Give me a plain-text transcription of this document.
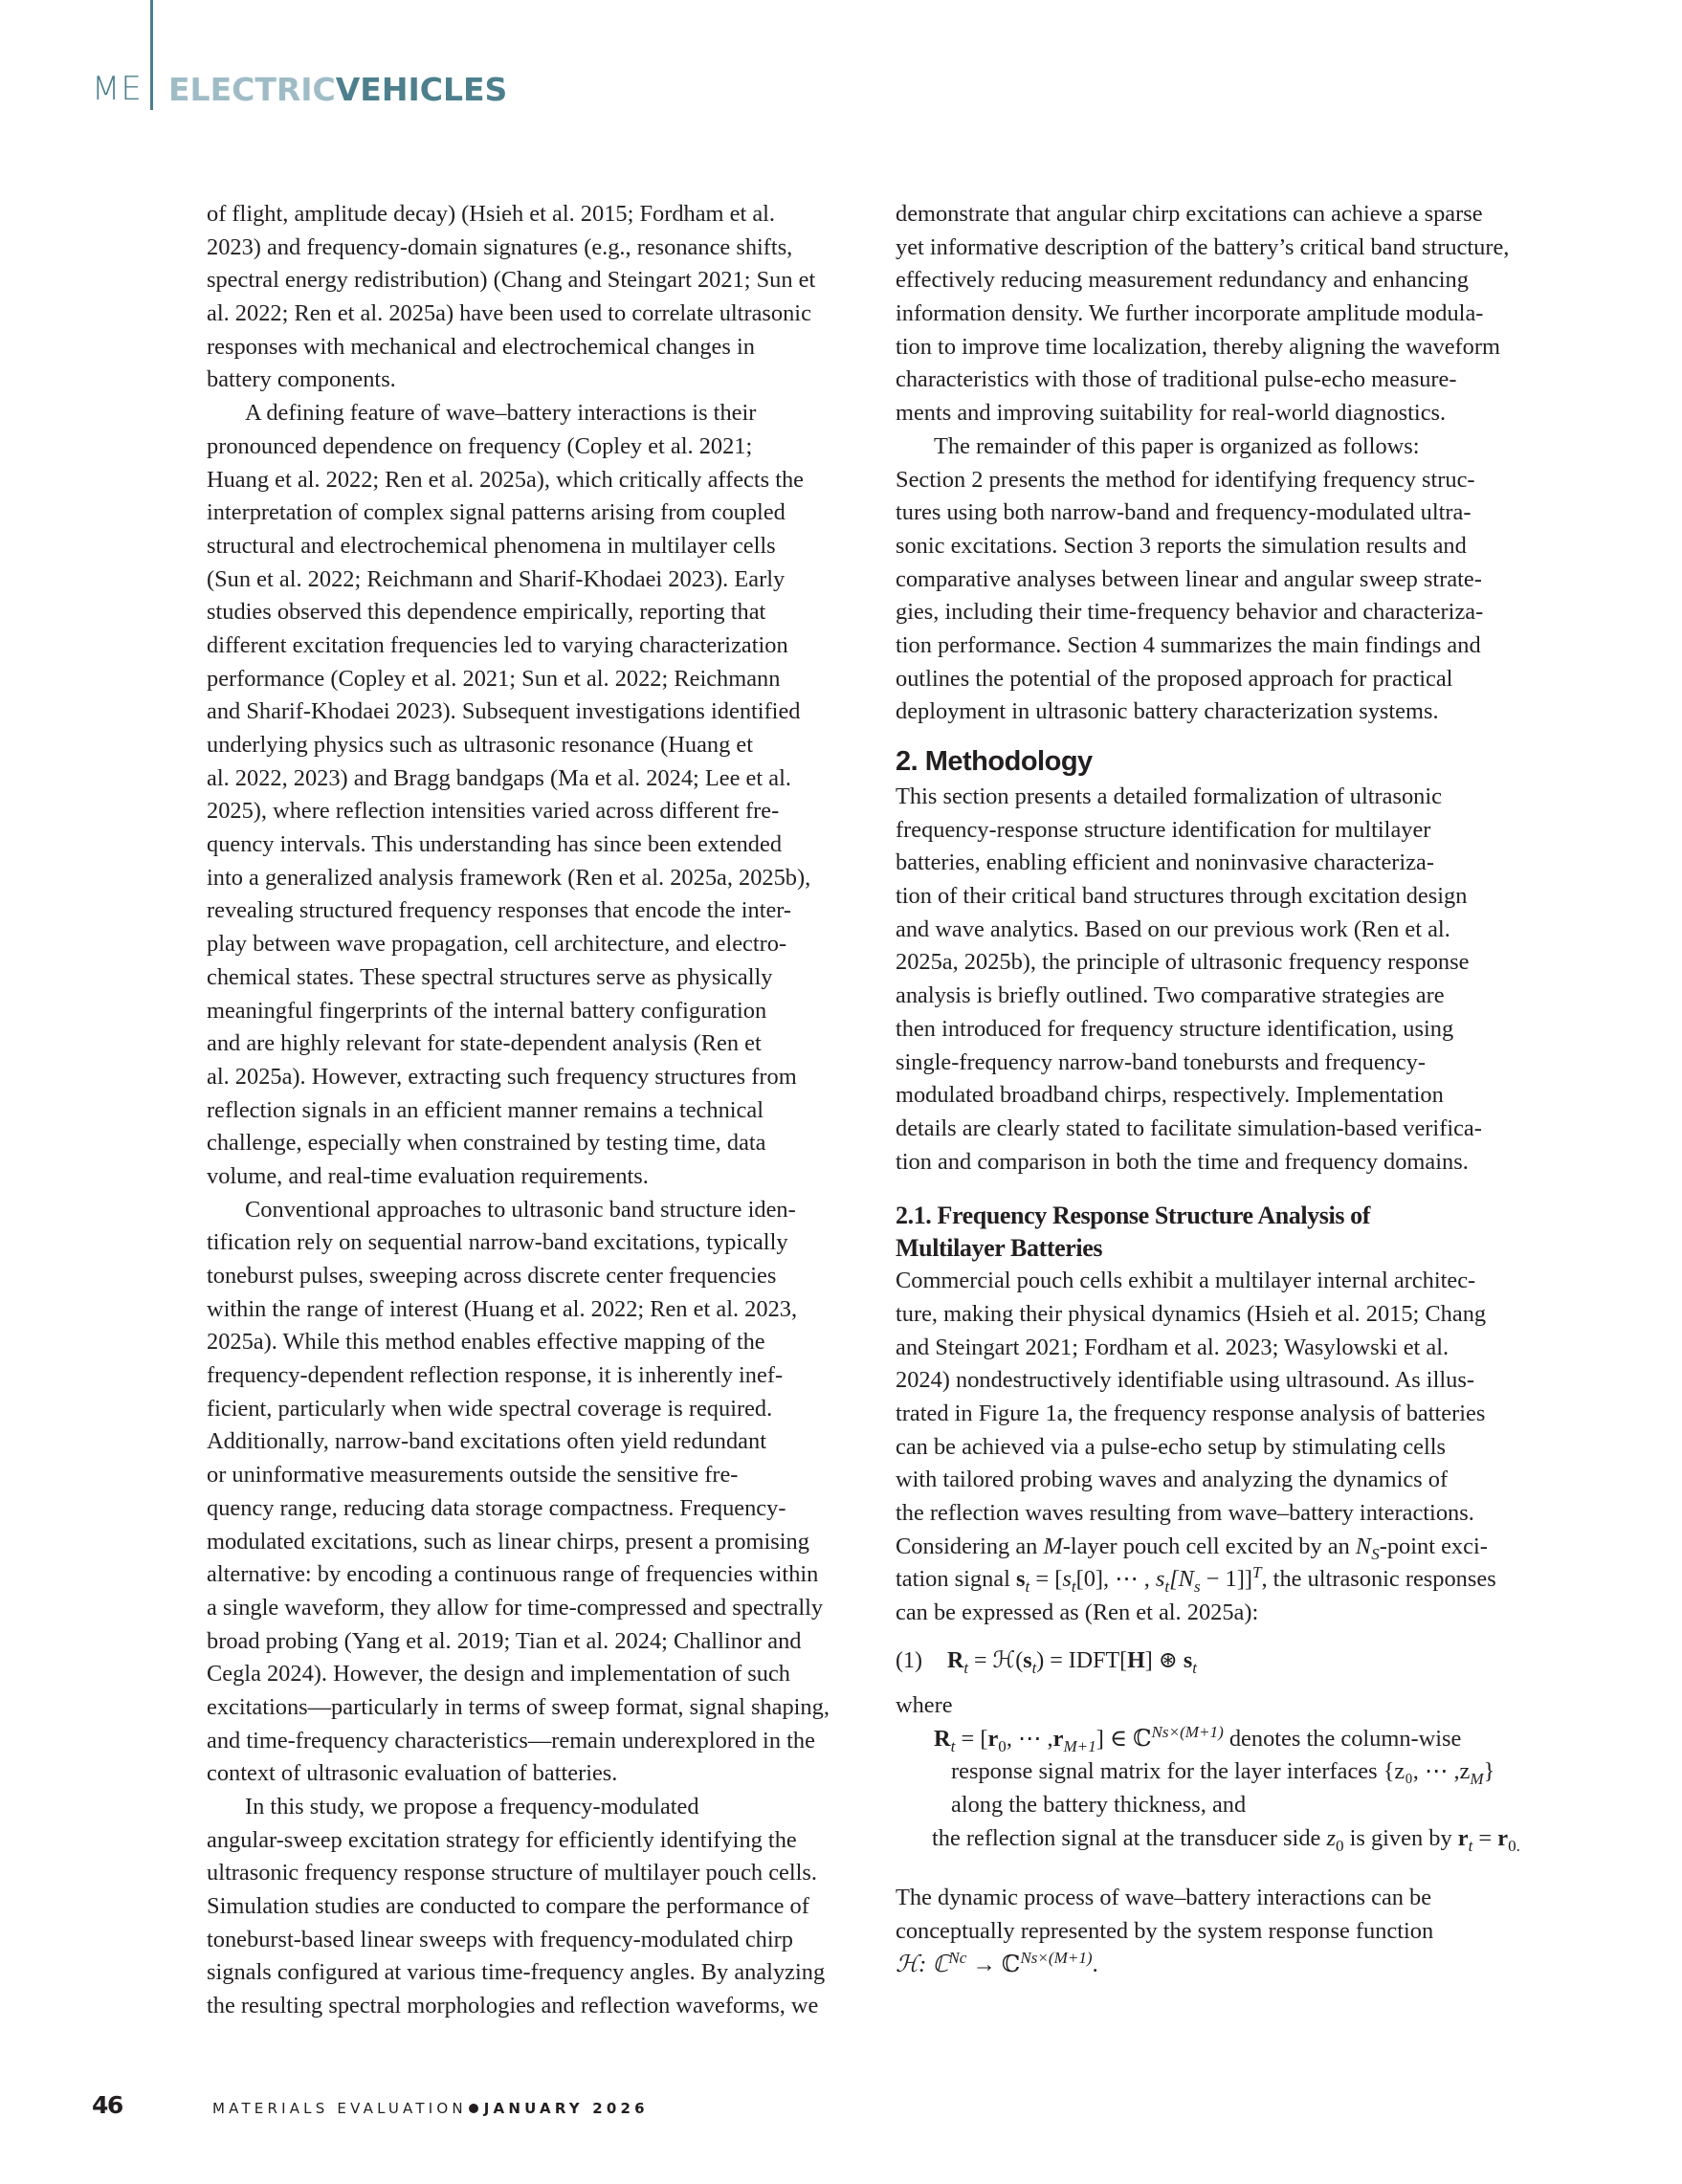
ME ELECTRICVEHICLES
of flight, amplitude decay) (Hsieh et al. 2015; Fordham et al.
2023) and frequency-domain signatures (e.g., resonance shifts,
spectral energy redistribution) (Chang and Steingart 2021; Sun et
al. 2022; Ren et al. 2025a) have been used to correlate ultrasonic
responses with mechanical and electrochemical changes in
battery components.
A defining feature of wave–battery interactions is their
pronounced dependence on frequency (Copley et al. 2021;
Huang et al. 2022; Ren et al. 2025a), which critically affects the
interpretation of complex signal patterns arising from coupled
structural and electrochemical phenomena in multilayer cells
(Sun et al. 2022; Reichmann and Sharif-Khodaei 2023). Early
studies observed this dependence empirically, reporting that
different excitation frequencies led to varying characterization
performance (Copley et al. 2021; Sun et al. 2022; Reichmann
and Sharif-Khodaei 2023). Subsequent investigations identified
underlying physics such as ultrasonic resonance (Huang et
al. 2022, 2023) and Bragg bandgaps (Ma et al. 2024; Lee et al.
2025), where reflection intensities varied across different fre-
quency intervals. This understanding has since been extended
into a generalized analysis framework (Ren et al. 2025a, 2025b),
revealing structured frequency responses that encode the inter-
play between wave propagation, cell architecture, and electro-
chemical states. These spectral structures serve as physically
meaningful fingerprints of the internal battery configuration
and are highly relevant for state-dependent analysis (Ren et
al. 2025a). However, extracting such frequency structures from
reflection signals in an efficient manner remains a technical
challenge, especially when constrained by testing time, data
volume, and real-time evaluation requirements.
Conventional approaches to ultrasonic band structure iden-
tification rely on sequential narrow-band excitations, typically
toneburst pulses, sweeping across discrete center frequencies
within the range of interest (Huang et al. 2022; Ren et al. 2023,
2025a). While this method enables effective mapping of the
frequency-dependent reflection response, it is inherently inef-
ficient, particularly when wide spectral coverage is required.
Additionally, narrow-band excitations often yield redundant
or uninformative measurements outside the sensitive fre-
quency range, reducing data storage compactness. Frequency-
modulated excitations, such as linear chirps, present a promising
alternative: by encoding a continuous range of frequencies within
a single waveform, they allow for time-compressed and spectrally
broad probing (Yang et al. 2019; Tian et al. 2024; Challinor and
Cegla 2024). However, the design and implementation of such
excitations—particularly in terms of sweep format, signal shaping,
and time-frequency characteristics—remain underexplored in the
context of ultrasonic evaluation of batteries.
In this study, we propose a frequency-modulated
angular-sweep excitation strategy for efficiently identifying the
ultrasonic frequency response structure of multilayer pouch cells.
Simulation studies are conducted to compare the performance of
toneburst-based linear sweeps with frequency-modulated chirp
signals configured at various time-frequency angles. By analyzing
the resulting spectral morphologies and reflection waveforms, we
demonstrate that angular chirp excitations can achieve a sparse
yet informative description of the battery’s critical band structure,
effectively reducing measurement redundancy and enhancing
information density. We further incorporate amplitude modula-
tion to improve time localization, thereby aligning the waveform
characteristics with those of traditional pulse-echo measure-
ments and improving suitability for real-world diagnostics.
The remainder of this paper is organized as follows:
Section 2 presents the method for identifying frequency struc-
tures using both narrow-band and frequency-modulated ultra-
sonic excitations. Section 3 reports the simulation results and
comparative analyses between linear and angular sweep strate-
gies, including their time-frequency behavior and characteriza-
tion performance. Section 4 summarizes the main findings and
outlines the potential of the proposed approach for practical
deployment in ultrasonic battery characterization systems.
2. Methodology
This section presents a detailed formalization of ultrasonic
frequency-response structure identification for multilayer
batteries, enabling efficient and noninvasive characteriza-
tion of their critical band structures through excitation design
and wave analytics. Based on our previous work (Ren et al.
2025a, 2025b), the principle of ultrasonic frequency response
analysis is briefly outlined. Two comparative strategies are
then introduced for frequency structure identification, using
single-frequency narrow-band tonebursts and frequency-
modulated broadband chirps, respectively. Implementation
details are clearly stated to facilitate simulation-based verifica-
tion and comparison in both the time and frequency domains.
2.1. Frequency Response Structure Analysis of
Multilayer Batteries
Commercial pouch cells exhibit a multilayer internal architec-
ture, making their physical dynamics (Hsieh et al. 2015; Chang
and Steingart 2021; Fordham et al. 2023; Wasylowski et al.
2024) nondestructively identifiable using ultrasound. As illus-
trated in Figure 1a, the frequency response analysis of batteries
can be achieved via a pulse-echo setup by stimulating cells
with tailored probing waves and analyzing the dynamics of
the reflection waves resulting from wave–battery interactions.
Considering an M-layer pouch cell excited by an $N_S$-point exci-
tation signal $s_t = [s_t[0]$, ⋯ , $s_t[N_s - 1]]^T$, the ultrasonic responses
can be expressed as (Ren et al. 2025a):
(1) $R_t$ = $ℋ(s_t)$ = IDFT[H] ⊛ $s_t$
where
$R_t = [r_0$, ⋯ $,r_{M+1}$] ∈ ℂ$^{Ns\times(M+1)}$ denotes the column-wise
response signal matrix for the layer interfaces {z₀, ⋯ $,z_M$}
along the battery thickness, and
the reflection signal at the transducer side $z_0$ is given by $r_t = r_{0.}$
The dynamic process of wave–battery interactions can be
conceptually represented by the system response function
ℋ: ℂ$^{Nc}$ → ℂ$^{Ns\times(M+1)}$.
46	MATERIALS EVALUATION JANUARY 2026
